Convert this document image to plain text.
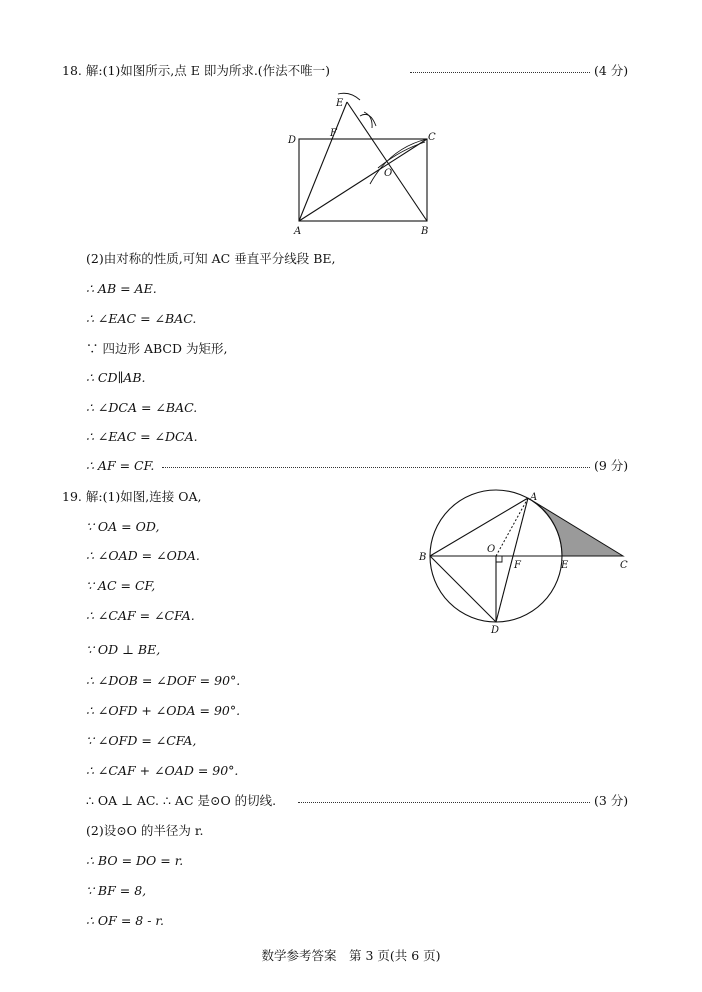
18. 解:(1)如图所示,点 E 即为所求.(作法不唯一)	(4 分)
E
F
D	C
O
A	B
(2)由对称的性质,可知 AC 垂直平分线段 BE,
∴ AB = AE.
∴ ∠EAC = ∠BAC.
∵ 四边形 ABCD 为矩形,
∴ CD∥AB.
∴ ∠DCA = ∠BAC.
∴ ∠EAC = ∠DCA.
∴ AF = CF.	(9 分)
19. 解:(1)如图,连接 OA,	A
B
O
F	E	C
D
∵ OA = OD,
∴ ∠OAD = ∠ODA.
∵ AC = CF,
∴ ∠CAF = ∠CFA.
∵ OD ⊥ BE,
∴ ∠DOB = ∠DOF = 90°.
∴ ∠OFD + ∠ODA = 90°.
∵ ∠OFD = ∠CFA,
∴ ∠CAF + ∠OAD = 90°.
∴ OA ⊥ AC. ∴ AC 是⊙O 的切线.	(3 分)
(2)设⊙O 的半径为 r.
∴ BO = DO = r.
∵ BF = 8,
∴ OF = 8 - r.
数学参考答案　第 3 页(共 6 页)
